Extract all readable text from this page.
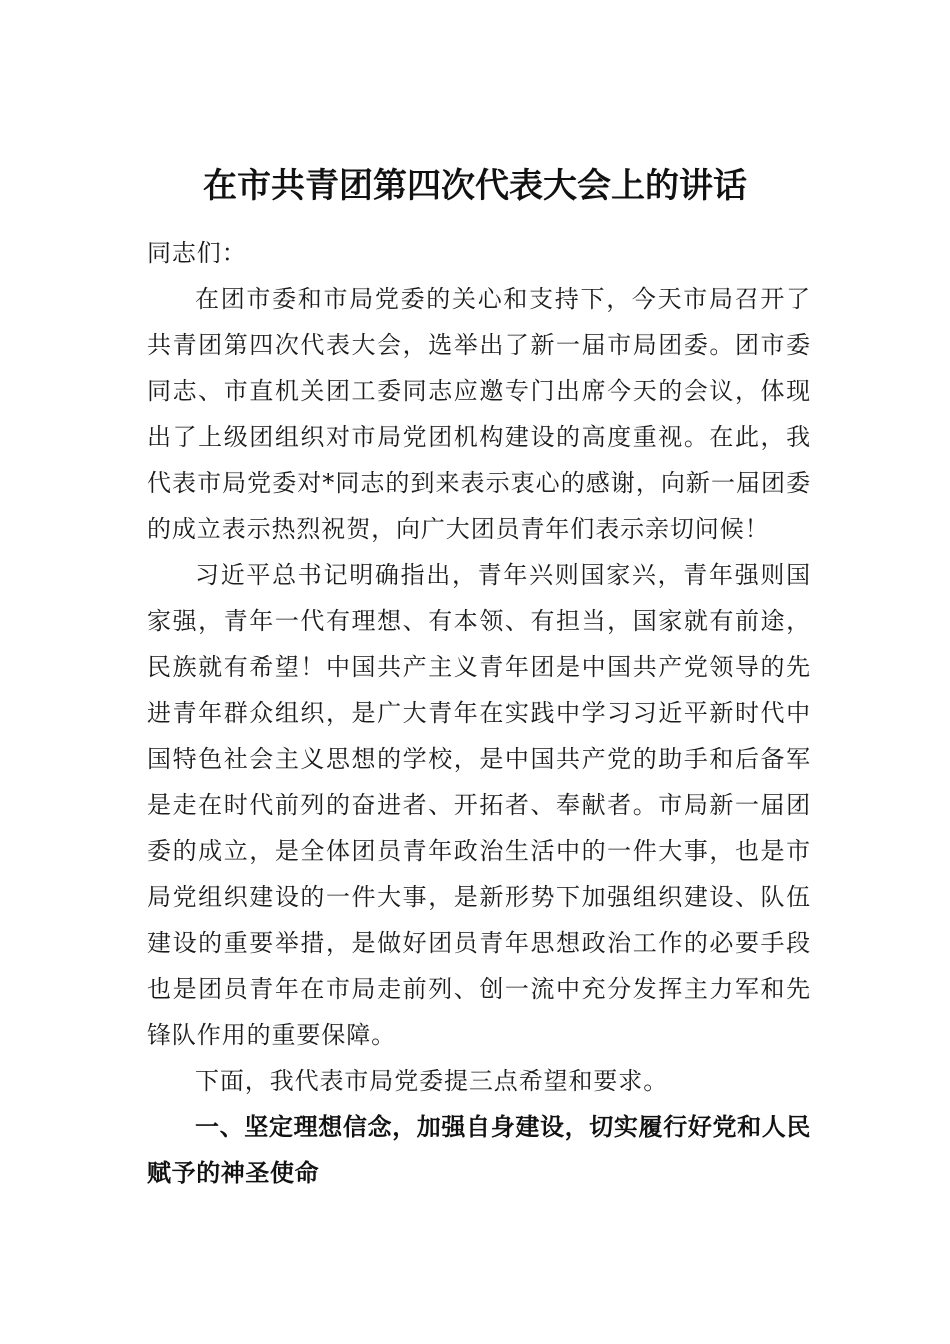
在市共青团第四次代表大会上的讲话

同志们：

在团市委和市局党委的关心和支持下，今天市局召开了共青团第四次代表大会，选举出了新一届市局团委。团市委同志、市直机关团工委同志应邀专门出席今天的会议，体现出了上级团组织对市局党团机构建设的高度重视。在此，我代表市局党委对*同志的到来表示衷心的感谢，向新一届团委的成立表示热烈祝贺，向广大团员青年们表示亲切问候！

习近平总书记明确指出，青年兴则国家兴，青年强则国家强，青年一代有理想、有本领、有担当，国家就有前途，民族就有希望！中国共产主义青年团是中国共产党领导的先进青年群众组织，是广大青年在实践中学习习近平新时代中国特色社会主义思想的学校，是中国共产党的助手和后备军是走在时代前列的奋进者、开拓者、奉献者。市局新一届团委的成立，是全体团员青年政治生活中的一件大事，也是市局党组织建设的一件大事，是新形势下加强组织建设、队伍建设的重要举措，是做好团员青年思想政治工作的必要手段也是团员青年在市局走前列、创一流中充分发挥主力军和先锋队作用的重要保障。

下面，我代表市局党委提三点希望和要求。

一、坚定理想信念，加强自身建设，切实履行好党和人民赋予的神圣使命
